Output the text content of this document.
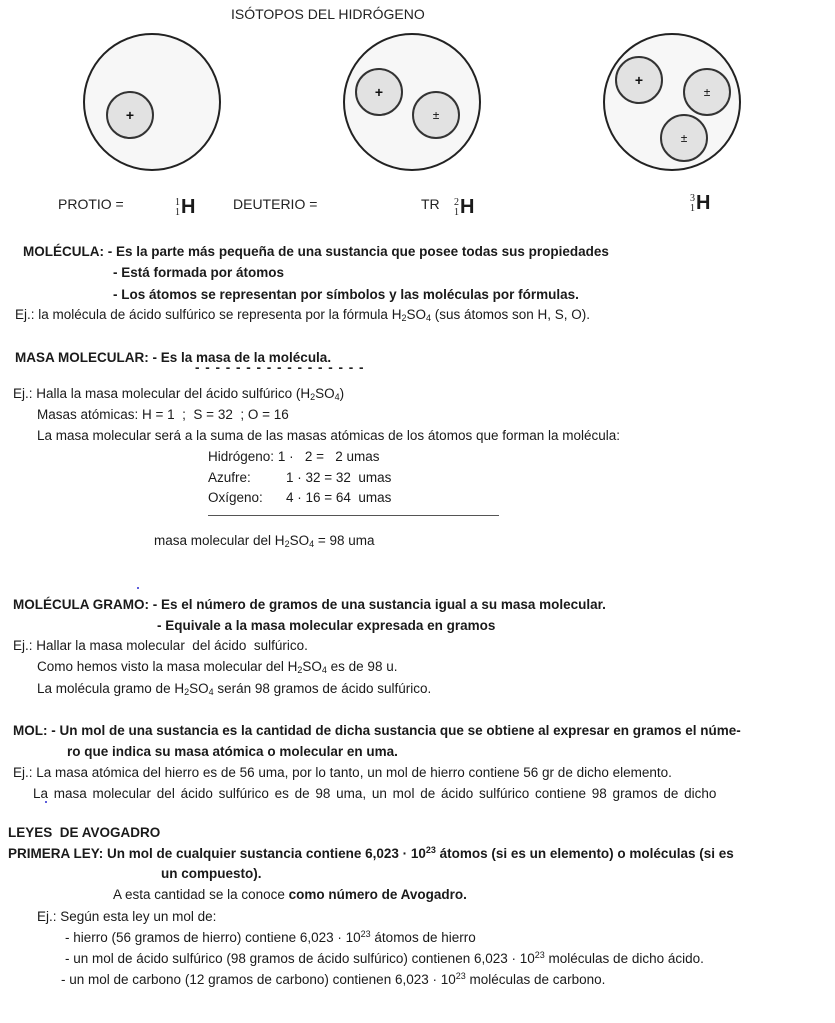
ISÓTOPOS DEL HIDRÓGENO
+
+
±
+
±
±
PROTIO =	1
1H	DEUTERIO =	TR 2
1H	3
1H
MOLÉCULA: - Es la parte más pequeña de una sustancia que posee todas sus propiedades
- Está formada por átomos
- Los átomos se representan por símbolos y las moléculas por fórmulas.
Ej.: la molécula de ácido sulfúrico se representa por la fórmula $H_2SO_4$ (sus átomos son H, S, O).
MASA MOLECULAR: - Es la masa de la molécula.
- - - - - - - - - - - - - - - - -
Ej.: Halla la masa molecular del ácido sulfúrico $(H_2SO_4)$
Masas atómicas: H = 1  ;  S = 32  ; O = 16
La masa molecular será a la suma de las masas atómicas de los átomos que forman la molécula:
Hidrógeno: 1 ·   2 =   2 umas
Azufre:	1 · 32 = 32  umas
Oxígeno: 4 · 16 = 64  umas
masa molecular del $H_2SO_4 = 98$ uma
MOLÉCULA GRAMO: - Es el número de gramos de una sustancia igual a su masa molecular.
- Equivale a la masa molecular expresada en gramos
Ej.: Hallar la masa molecular  del ácido  sulfúrico.
Como hemos visto la masa molecular del $H_2SO_4$ es de 98 u.
La molécula gramo de $H_2SO_4$ serán 98 gramos de ácido sulfúrico.
MOL: - Un mol de una sustancia es la cantidad de dicha sustancia que se obtiene al expresar en gramos el núme-
ro que indica su masa atómica o molecular en uma.
Ej.: La masa atómica del hierro es de 56 uma, por lo tanto, un mol de hierro contiene 56 gr de dicho elemento.
La masa molecular del ácido sulfúrico es de 98 uma, un mol de ácido sulfúrico contiene 98 gramos de dicho
LEYES  DE AVOGADRO
PRIMERA LEY: Un mol de cualquier sustancia contiene $6,023 \cdot 10^{23}$ átomos (si es un elemento) o moléculas (si es
un compuesto).
A esta cantidad se la conoce como número de Avogadro.
Ej.: Según esta ley un mol de:
- hierro (56 gramos de hierro) contiene $6,023 \cdot 10^{23}$ átomos de hierro
- un mol de ácido sulfúrico (98 gramos de ácido sulfúrico) contienen $6,023 \cdot 10^{23}$ moléculas de dicho ácido.
- un mol de carbono (12 gramos de carbono) contienen $6,023 \cdot 10^{23}$ moléculas de carbono.
